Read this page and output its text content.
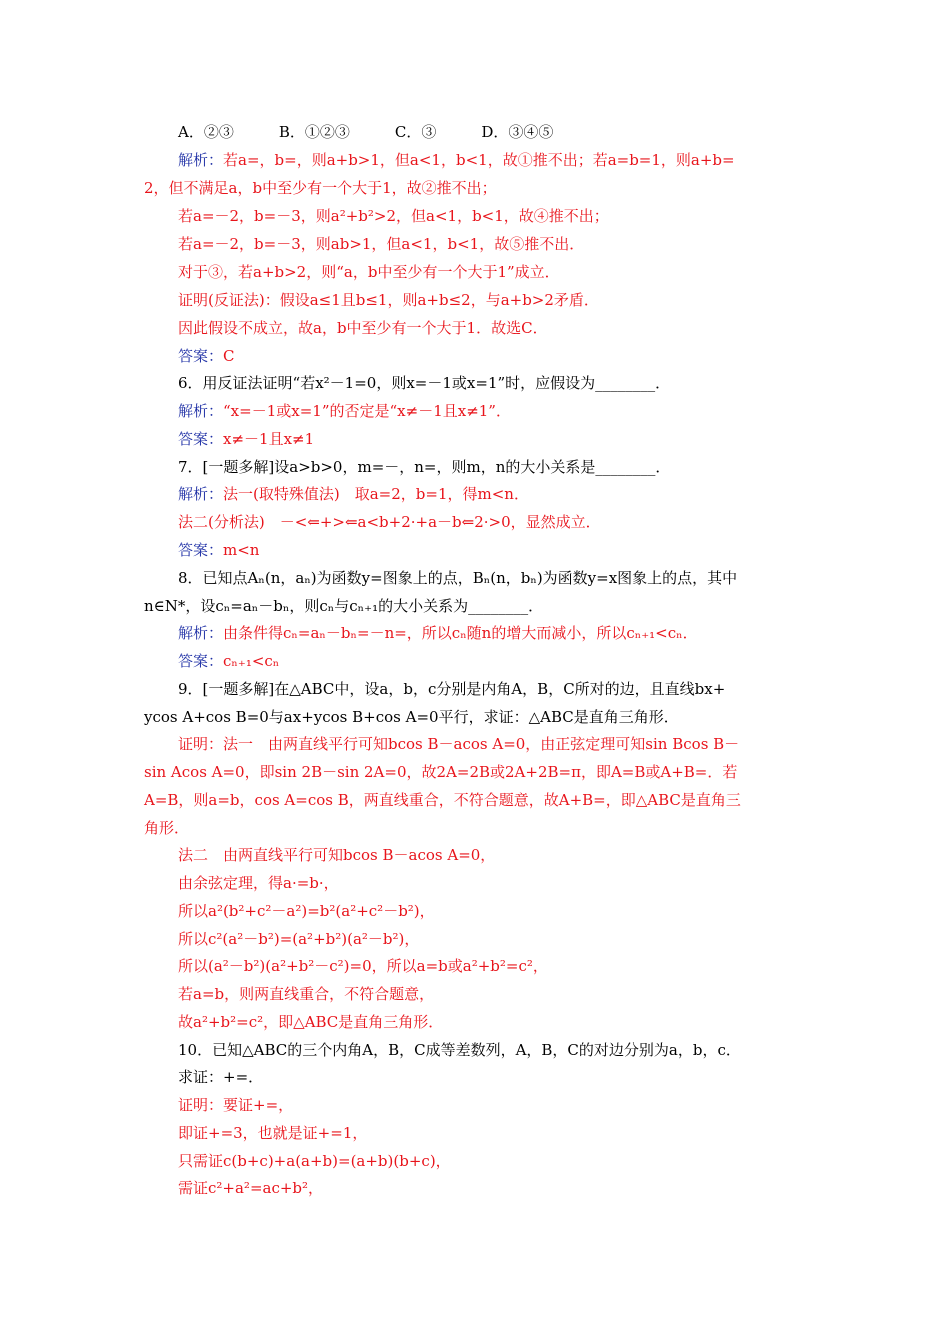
A．②③　　　B．①②③　　　C．③　　　D．③④⑤
解析：若a=，b=，则a+b>1，但a<1，b<1，故①推不出；若a=b=1，则a+b=
2，但不满足a，b中至少有一个大于1，故②推不出；
若a=－2，b=－3，则a²+b²>2，但a<1，b<1，故④推不出；
若a=－2，b=－3，则ab>1，但a<1，b<1，故⑤推不出．
对于③，若a+b>2，则“a，b中至少有一个大于1”成立．
证明(反证法)：假设a≤1且b≤1，则a+b≤2，与a+b>2矛盾．
因此假设不成立，故a，b中至少有一个大于1．故选C．
答案：C
6．用反证法证明“若x²－1=0，则x=－1或x=1”时，应假设为________．
解析：“x=－1或x=1”的否定是“x≠－1且x≠1”．
答案：x≠－1且x≠1
7．[一题多解]设a>b>0，m=－，n=，则m，n的大小关系是________．
解析：法一(取特殊值法)　取a=2，b=1，得m<n．
法二(分析法)　－<⇐+>⇐a<b+2·+a－b⇐2·>0，显然成立．
答案：m<n
8．已知点Aₙ(n，aₙ)为函数y=图象上的点，Bₙ(n，bₙ)为函数y=x图象上的点，其中
n∈N*，设cₙ=aₙ－bₙ，则cₙ与cₙ₊₁的大小关系为________．
解析：由条件得cₙ=aₙ－bₙ=－n=，所以cₙ随n的增大而减小，所以cₙ₊₁<cₙ．
答案：cₙ₊₁<cₙ
9．[一题多解]在△ABC中，设a，b，c分别是内角A，B，C所对的边，且直线bx+
ycos A+cos B=0与ax+ycos B+cos A=0平行，求证：△ABC是直角三角形．
证明：法一　由两直线平行可知bcos B－acos A=0，由正弦定理可知sin Bcos B－
sin Acos A=0，即sin 2B－sin 2A=0，故2A=2B或2A+2B=π，即A=B或A+B=．若
A=B，则a=b，cos A=cos B，两直线重合，不符合题意，故A+B=，即△ABC是直角三
角形．
法二　由两直线平行可知bcos B－acos A=0，
由余弦定理，得a·=b·，
所以a²(b²+c²－a²)=b²(a²+c²－b²)，
所以c²(a²－b²)=(a²+b²)(a²－b²)，
所以(a²－b²)(a²+b²－c²)=0，所以a=b或a²+b²=c²，
若a=b，则两直线重合，不符合题意，
故a²+b²=c²，即△ABC是直角三角形．
10．已知△ABC的三个内角A，B，C成等差数列，A，B，C的对边分别为a，b，c．
求证：+=．
证明：要证+=，
即证+=3，也就是证+=1，
只需证c(b+c)+a(a+b)=(a+b)(b+c)，
需证c²+a²=ac+b²，
